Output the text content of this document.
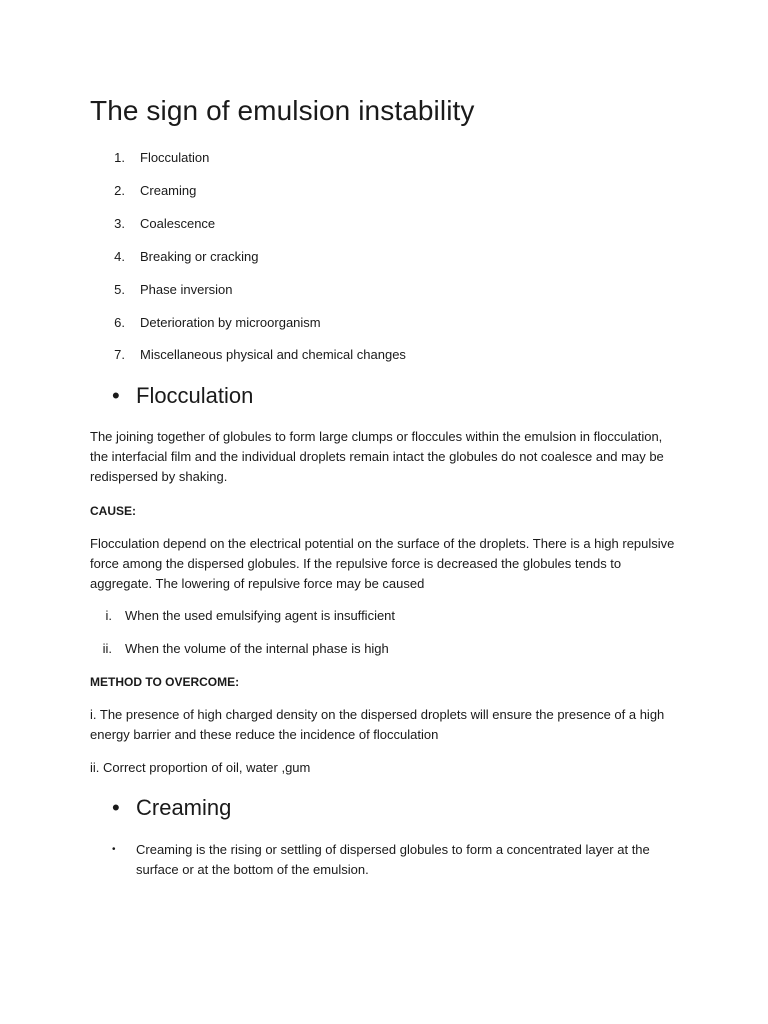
The sign of emulsion instability
1. Flocculation
2. Creaming
3. Coalescence
4. Breaking or cracking
5. Phase inversion
6. Deterioration by microorganism
7. Miscellaneous physical and chemical changes
• Flocculation

The joining together of globules to form large clumps or floccules within the emulsion in flocculation, the interfacial film and the individual droplets remain intact the globules do not coalesce and may be redispersed by shaking.

CAUSE:

Flocculation depend on the electrical potential on the surface of the droplets. There is a high repulsive force among the dispersed globules. If the repulsive force is decreased the globules tends to aggregate. The lowering of repulsive force may be caused

i. When the used emulsifying agent is insufficient
ii. When the volume of the internal phase is high
METHOD TO OVERCOME:

i. The presence of high charged density on the dispersed droplets will ensure the presence of a high energy barrier and these reduce the incidence of flocculation

ii. Correct proportion of oil, water ,gum

• Creaming
• Creaming is the rising or settling of dispersed globules to form a concentrated layer at the surface or at the bottom of the emulsion.
